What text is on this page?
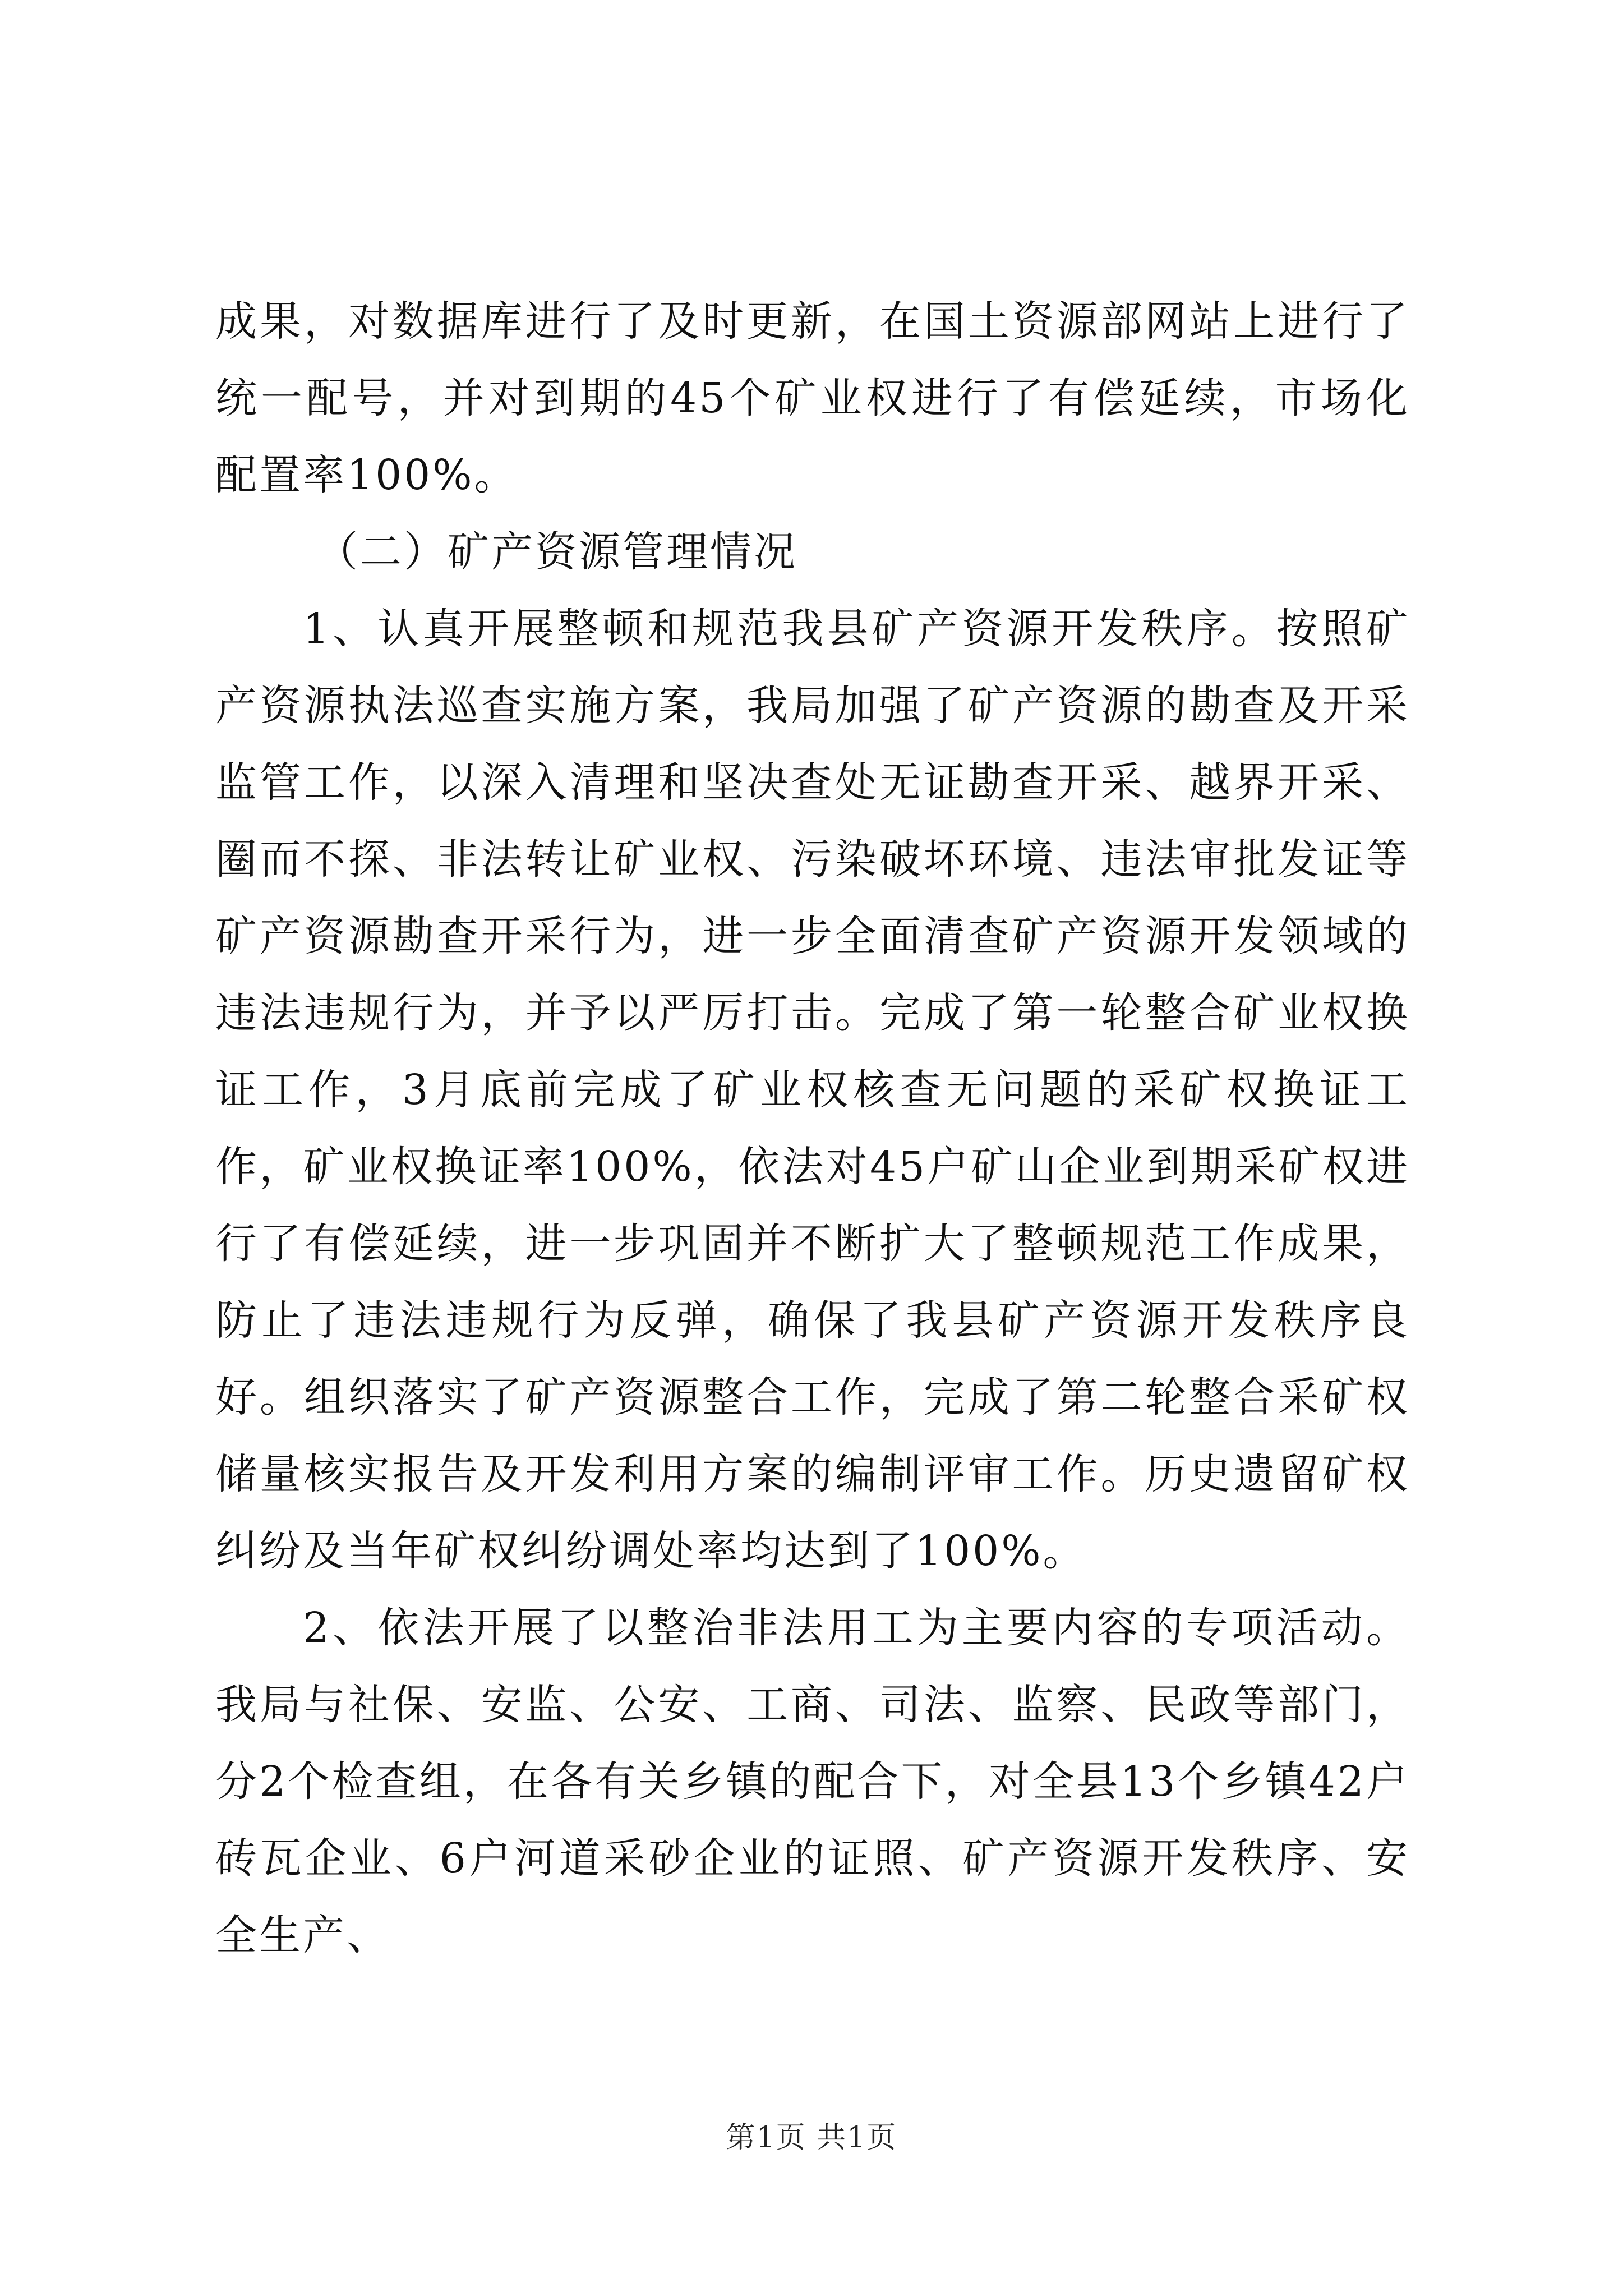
成果，对数据库进行了及时更新，在国土资源部网站上进行了统一配号，并对到期的45个矿业权进行了有偿延续，市场化配置率100%。

（二）矿产资源管理情况

1、认真开展整顿和规范我县矿产资源开发秩序。按照矿产资源执法巡查实施方案，我局加强了矿产资源的勘查及开采监管工作，以深入清理和坚决查处无证勘查开采、越界开采、圈而不探、非法转让矿业权、污染破坏环境、违法审批发证等矿产资源勘查开采行为，进一步全面清查矿产资源开发领域的违法违规行为，并予以严厉打击。完成了第一轮整合矿业权换证工作，3月底前完成了矿业权核查无问题的采矿权换证工作，矿业权换证率100%，依法对45户矿山企业到期采矿权进行了有偿延续，进一步巩固并不断扩大了整顿规范工作成果，防止了违法违规行为反弹，确保了我县矿产资源开发秩序良好。组织落实了矿产资源整合工作，完成了第二轮整合采矿权储量核实报告及开发利用方案的编制评审工作。历史遗留矿权纠纷及当年矿权纠纷调处率均达到了100%。

2、依法开展了以整治非法用工为主要内容的专项活动。我局与社保、安监、公安、工商、司法、监察、民政等部门，分2个检查组，在各有关乡镇的配合下，对全县13个乡镇42户砖瓦企业、6户河道采砂企业的证照、矿产资源开发秩序、安全生产、

第1页 共1页
